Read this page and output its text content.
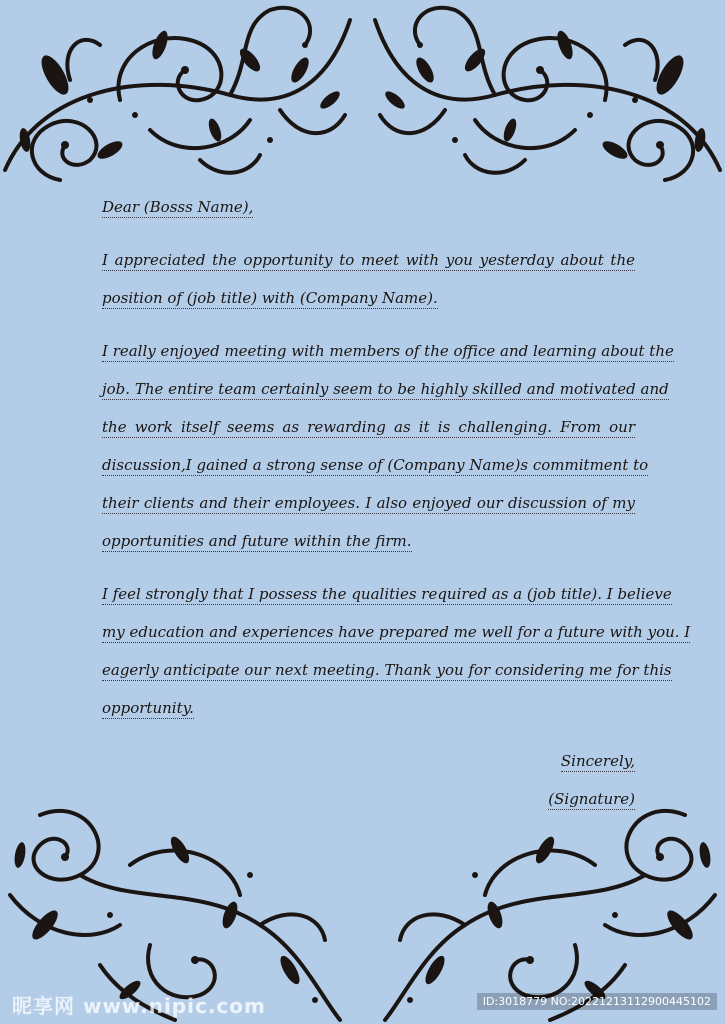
Dear (Bosss Name),
I appreciated the opportunity to meet with you yesterday about the
position of (job title) with (Company Name).
I really enjoyed meeting with members of the office and learning about the
job. The entire team certainly seem to be highly skilled and motivated and
the work itself seems as rewarding as it is challenging. From our
discussion,I gained a strong sense of (Company Name)s commitment to
their clients and their employees. I also enjoyed our discussion of my
opportunities and future within the firm.
I feel strongly that I possess the qualities required as a (job title). I believe
my education and experiences have prepared me well for a future with you. I
eagerly anticipate our next meeting. Thank you for considering me for this
opportunity.
Sincerely,
(Signature)
昵享网 www.nipic.com	ID:3018779 NO:20221213112900445102
